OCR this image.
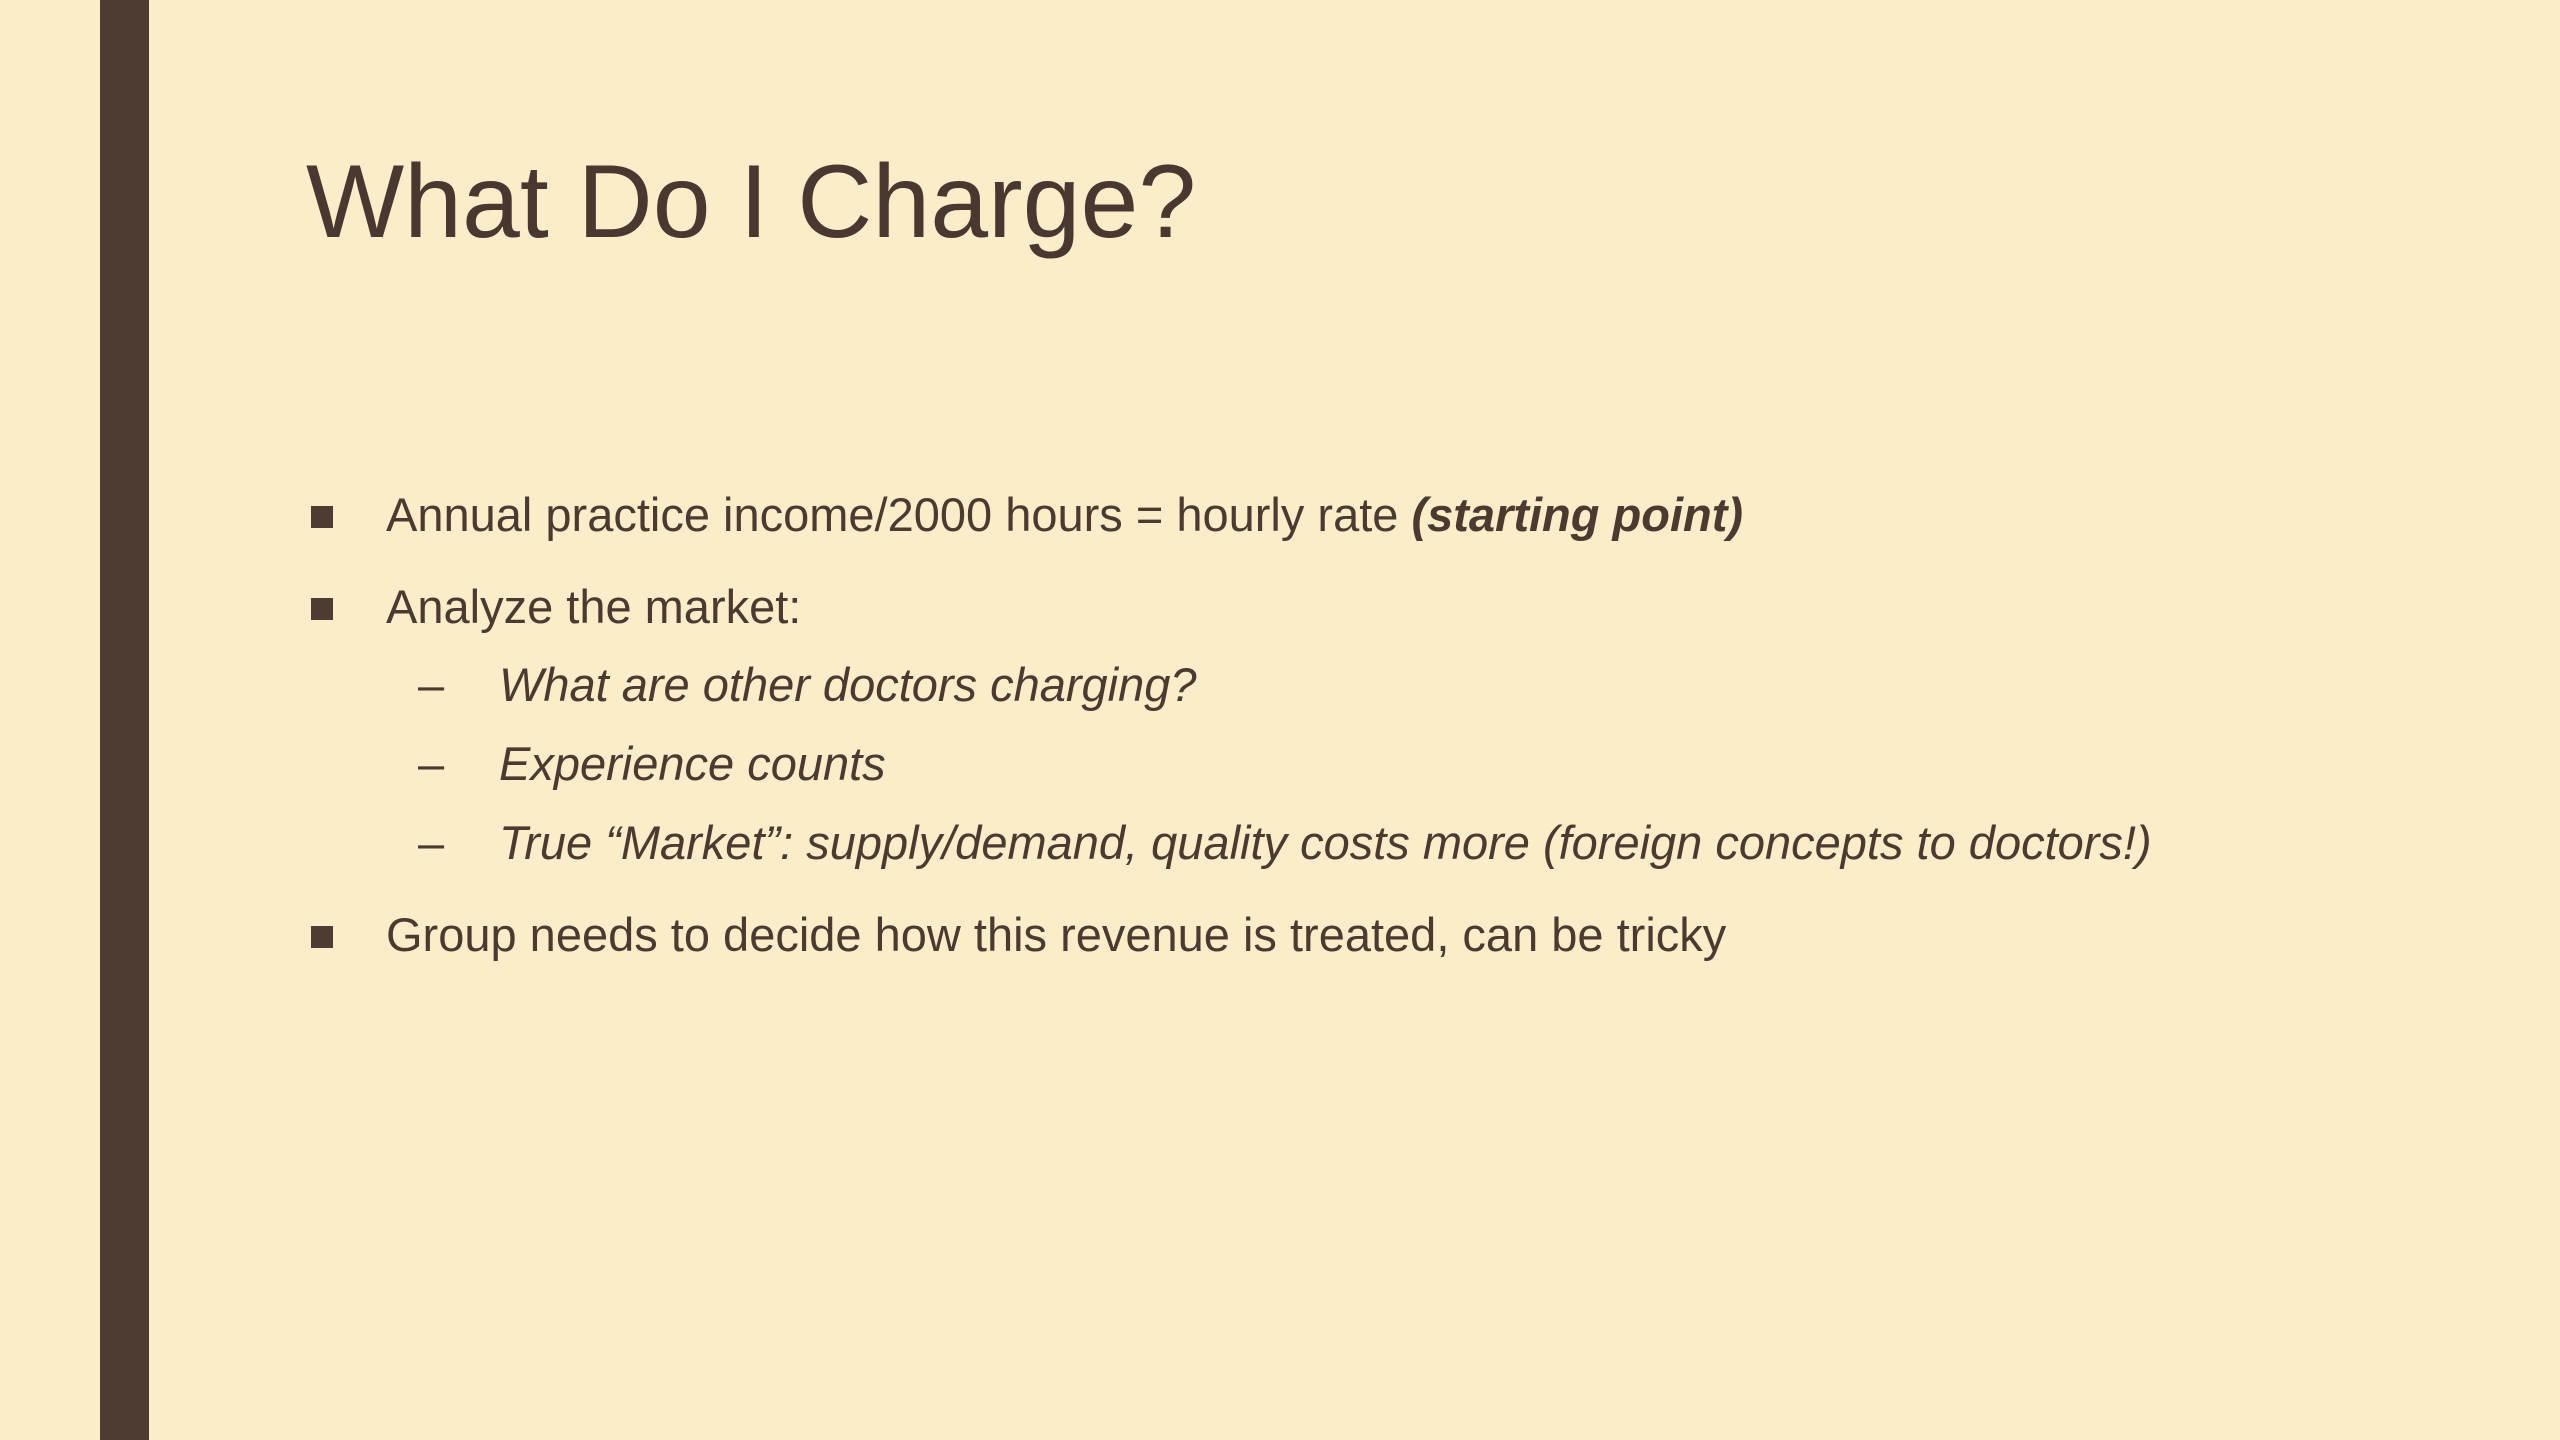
What Do I Charge?
Annual practice income/2000 hours = hourly rate (starting point)
Analyze the market:
– What are other doctors charging?
– Experience counts
– True “Market”: supply/demand, quality costs more (foreign concepts to doctors!)
Group needs to decide how this revenue is treated, can be tricky
